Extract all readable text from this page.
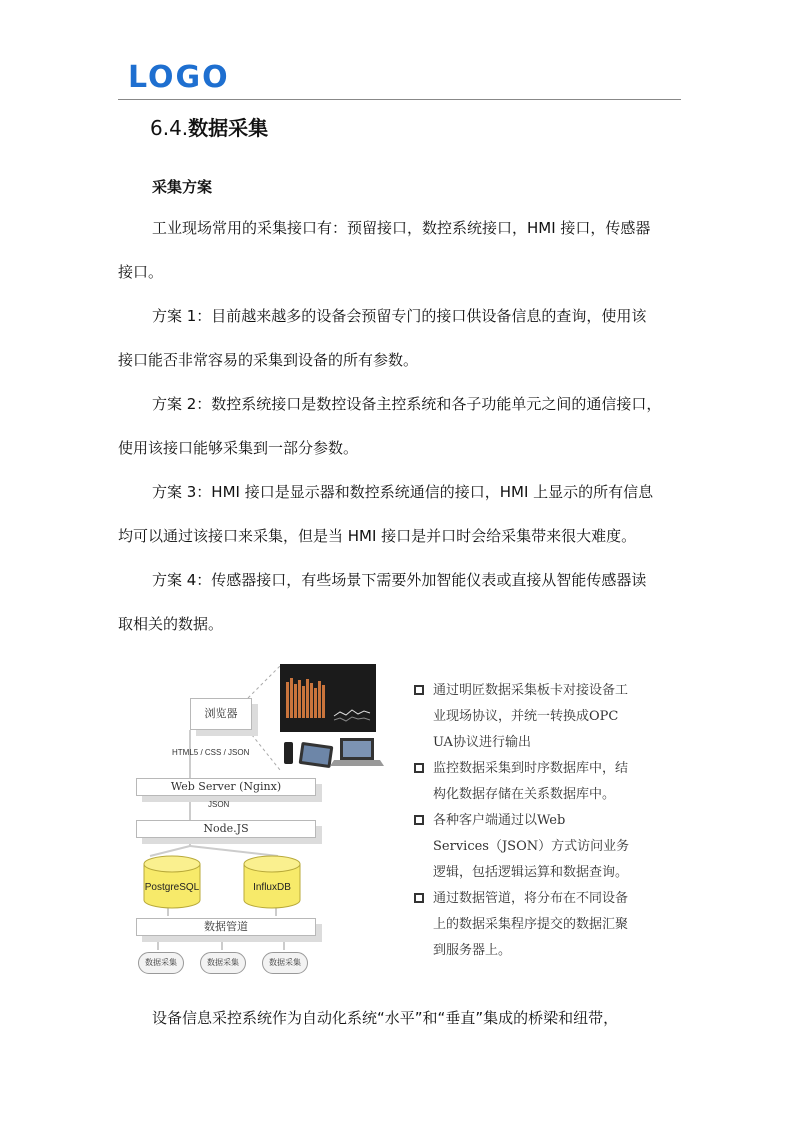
LOGO
6.4.数据采集
采集方案

工业现场常用的采集接口有：预留接口，数控系统接口，HMI 接口，传感器
接口。

方案 1：目前越来越多的设备会预留专门的接口供设备信息的查询，使用该
接口能否非常容易的采集到设备的所有参数。

方案 2：数控系统接口是数控设备主控系统和各子功能单元之间的通信接口，
使用该接口能够采集到一部分参数。

方案 3：HMI 接口是显示器和数控系统通信的接口，HMI 上显示的所有信息
均可以通过该接口来采集，但是当 HMI 接口是并口时会给采集带来很大难度。

方案 4：传感器接口，有些场景下需要外加智能仪表或直接从智能传感器读
取相关的数据。

浏览器
HTML5 / CSS / JSON
Web Server (Nginx)
JSON
Node.JS
PostgreSQL	InfluxDB
数据管道
数据采集	数据采集	数据采集
通过明匠数据采集板卡对接设备工
业现场协议，并统一转换成OPC
UA协议进行输出
监控数据采集到时序数据库中，结
构化数据存储在关系数据库中。
各种客户端通过以Web
Services（JSON）方式访问业务
逻辑，包括逻辑运算和数据查询。
通过数据管道，将分布在不同设备
上的数据采集程序提交的数据汇聚
到服务器上。

设备信息采控系统作为自动化系统“水平”和“垂直”集成的桥梁和纽带，
